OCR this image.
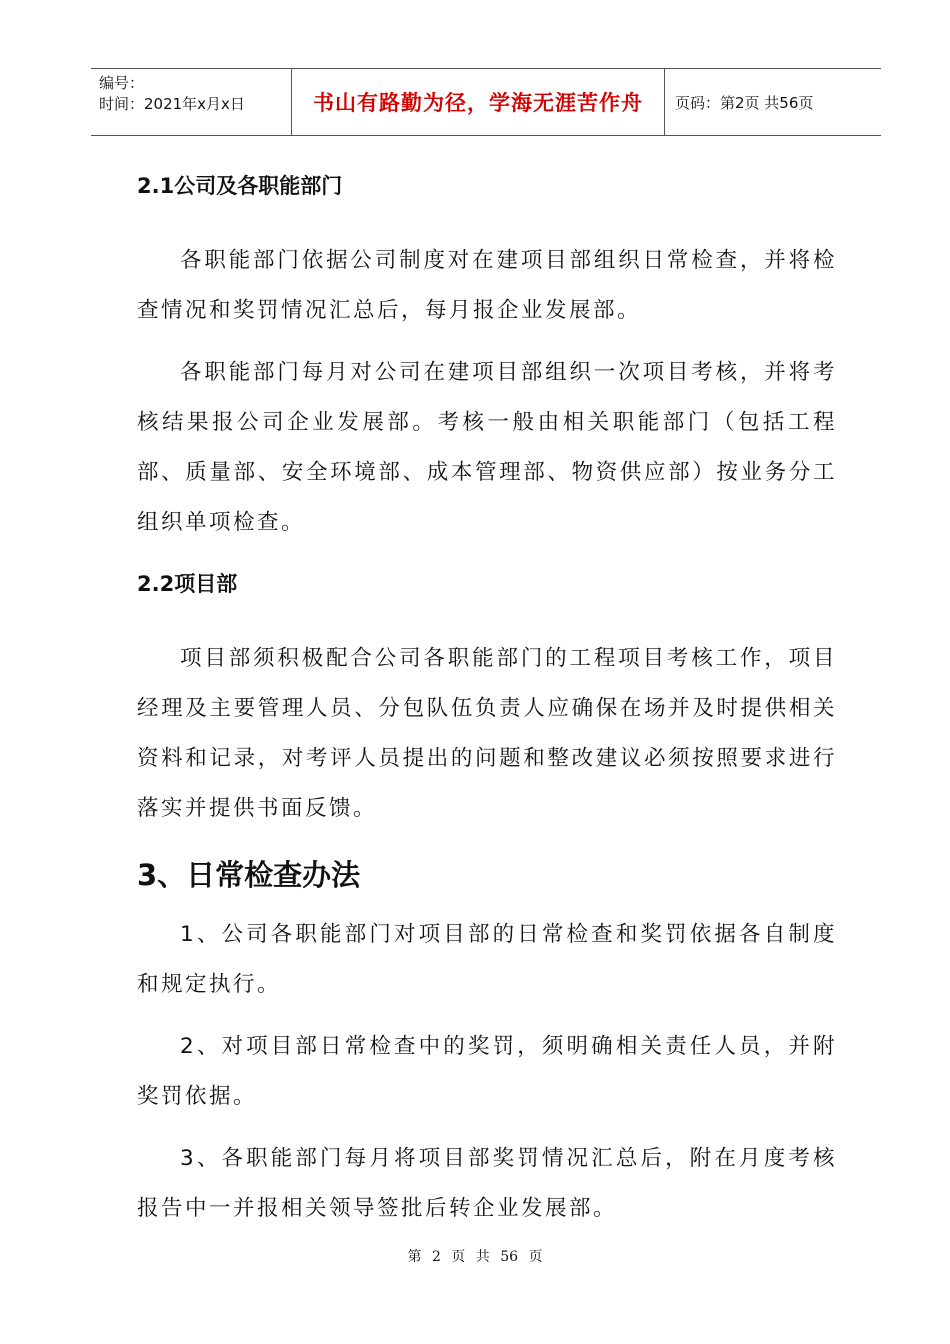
编号：
时间：2021年x月x日	书山有路勤为径，学海无涯苦作舟	页码：第2页 共56页
2.1公司及各职能部门

各职能部门依据公司制度对在建项目部组织日常检查，并将检查情况和奖罚情况汇总后，每月报企业发展部。

各职能部门每月对公司在建项目部组织一次项目考核，并将考核结果报公司企业发展部。考核一般由相关职能部门（包括工程部、质量部、安全环境部、成本管理部、物资供应部）按业务分工组织单项检查。

2.2项目部

项目部须积极配合公司各职能部门的工程项目考核工作，项目经理及主要管理人员、分包队伍负责人应确保在场并及时提供相关资料和记录，对考评人员提出的问题和整改建议必须按照要求进行落实并提供书面反馈。

3、日常检查办法

1、公司各职能部门对项目部的日常检查和奖罚依据各自制度和规定执行。

2、对项目部日常检查中的奖罚，须明确相关责任人员，并附奖罚依据。

3、各职能部门每月将项目部奖罚情况汇总后，附在月度考核报告中一并报相关领导签批后转企业发展部。

第 2 页 共 56 页
